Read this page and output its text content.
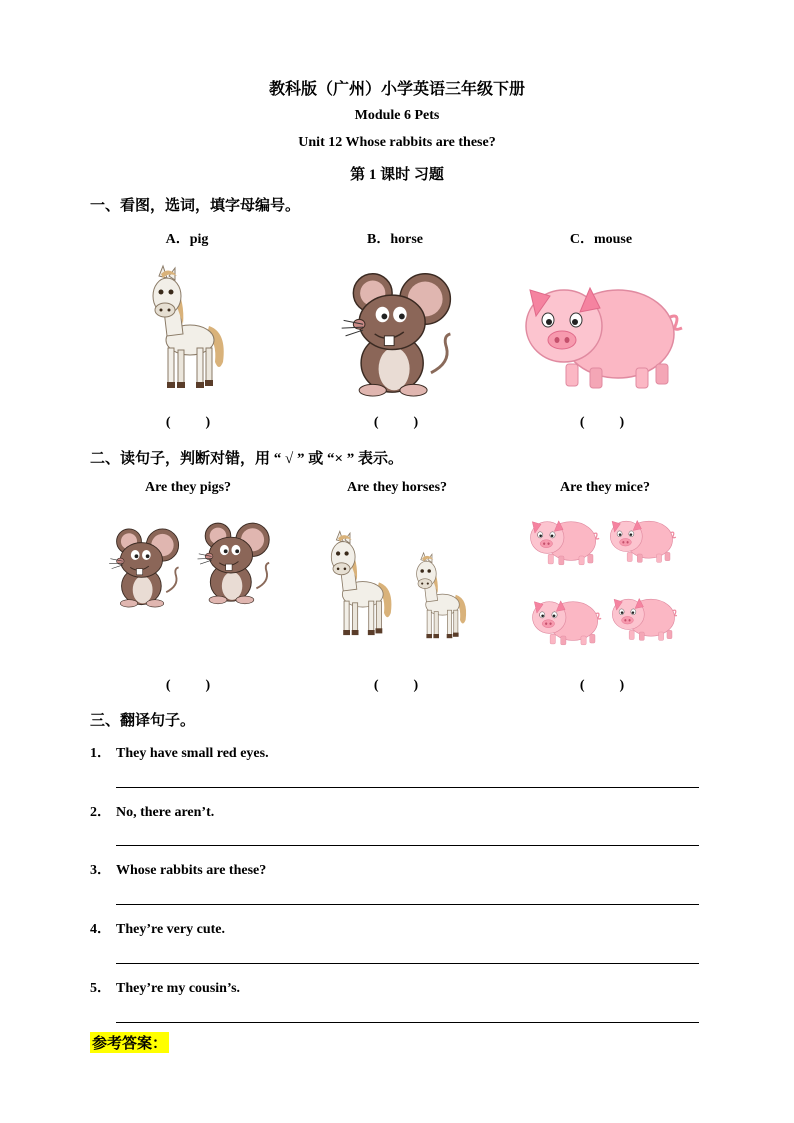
教科版（广州）小学英语三年级下册
Module 6 Pets
Unit 12 Whose rabbits are these?
第 1 课时 习题
一、看图，选词，填字母编号。
A．pig	B．horse	C．mouse
(          )	(          )	(          )
二、读句子，判断对错，用 “ √ ” 或 “× ” 表示。
Are they pigs?	Are they horses?	Are they mice?
(          )	(          )	(          )
三、翻译句子。
1． They have small red eyes.
2． No, there aren’t.
3． Whose rabbits are these?
4． They’re very cute.
5． They’re my cousin’s.
参考答案：
